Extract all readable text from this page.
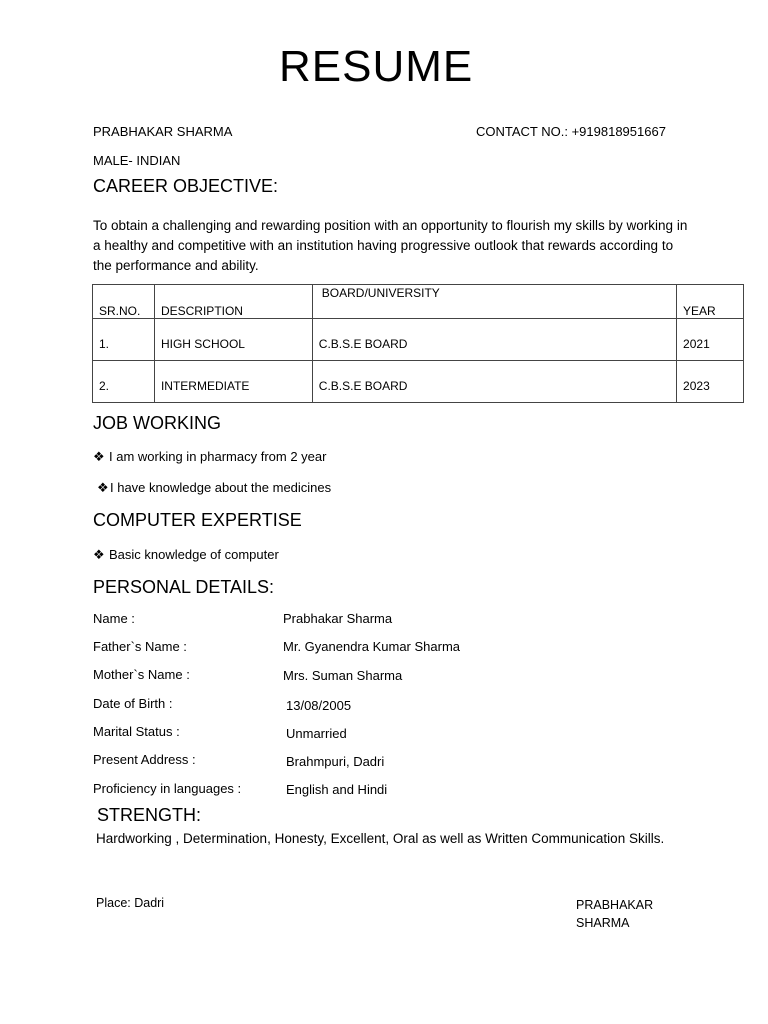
RESUME
PRABHAKAR SHARMA	CONTACT NO.: +919818951667
MALE- INDIAN
CAREER OBJECTIVE:
To obtain a challenging and rewarding position with an opportunity to flourish my skills by working in a healthy and competitive with an institution having progressive outlook that rewards according to the performance and ability.
SR.NO.	DESCRIPTION	BOARD/UNIVERSITY	YEAR
1.	HIGH SCHOOL	C.B.S.E BOARD	2021
2.	INTERMEDIATE	C.B.S.E BOARD	2023
JOB WORKING
❖ I am working in pharmacy from 2 year
❖I have knowledge about the medicines
COMPUTER EXPERTISE
❖ Basic knowledge of computer
PERSONAL DETAILS:
Name :	Prabhakar Sharma
Father`s Name :	Mr. Gyanendra Kumar Sharma
Mother`s Name :	Mrs. Suman Sharma
Date of Birth :	13/08/2005
Marital Status :	Unmarried
Present Address :	Brahmpuri, Dadri
Proficiency in languages :	English and Hindi
STRENGTH:
Hardworking , Determination, Honesty, Excellent, Oral as well as Written Communication Skills.
Place: Dadri	PRABHAKAR SHARMA
